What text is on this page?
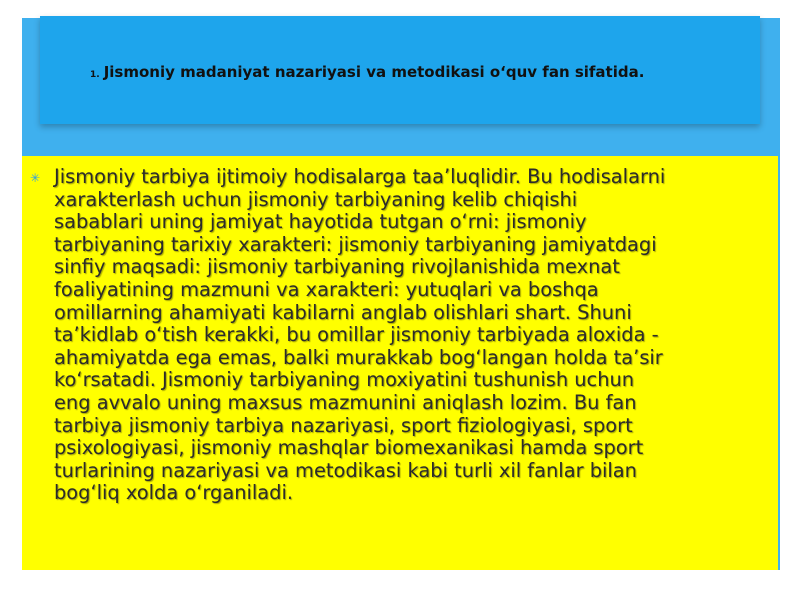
1. Jismoniy madaniyat nazariyasi va metodikasi o‘quv fan sifatida.
✳ Jismoniy tarbiya ijtimoiy hodisalarga taa’luqlidir. Bu hodisalarni
xarakterlash uchun jismoniy tarbiyaning kelib chiqishi
sabablari uning jamiyat hayotida tutgan o‘rni: jismoniy
tarbiyaning tarixiy xarakteri: jismoniy tarbiyaning jamiyatdagi
sinfiy maqsadi: jismoniy tarbiyaning rivojlanishida mexnat
foaliyatining mazmuni va xarakteri: yutuqlari va boshqa
omillarning ahamiyati kabilarni anglab olishlari shart. Shuni
ta’kidlab o‘tish kerakki, bu omillar jismoniy tarbiyada aloxida -
ahamiyatda ega emas, balki murakkab bog‘langan holda ta’sir
ko‘rsatadi. Jismoniy tarbiyaning moxiyatini tushunish uchun
eng avvalo uning maxsus mazmunini aniqlash lozim. Bu fan
tarbiya jismoniy tarbiya nazariyasi, sport fiziologiyasi, sport
psixologiyasi, jismoniy mashqlar biomexanikasi hamda sport
turlarining nazariyasi va metodikasi kabi turli xil fanlar bilan
bog‘liq xolda o‘rganiladi.
